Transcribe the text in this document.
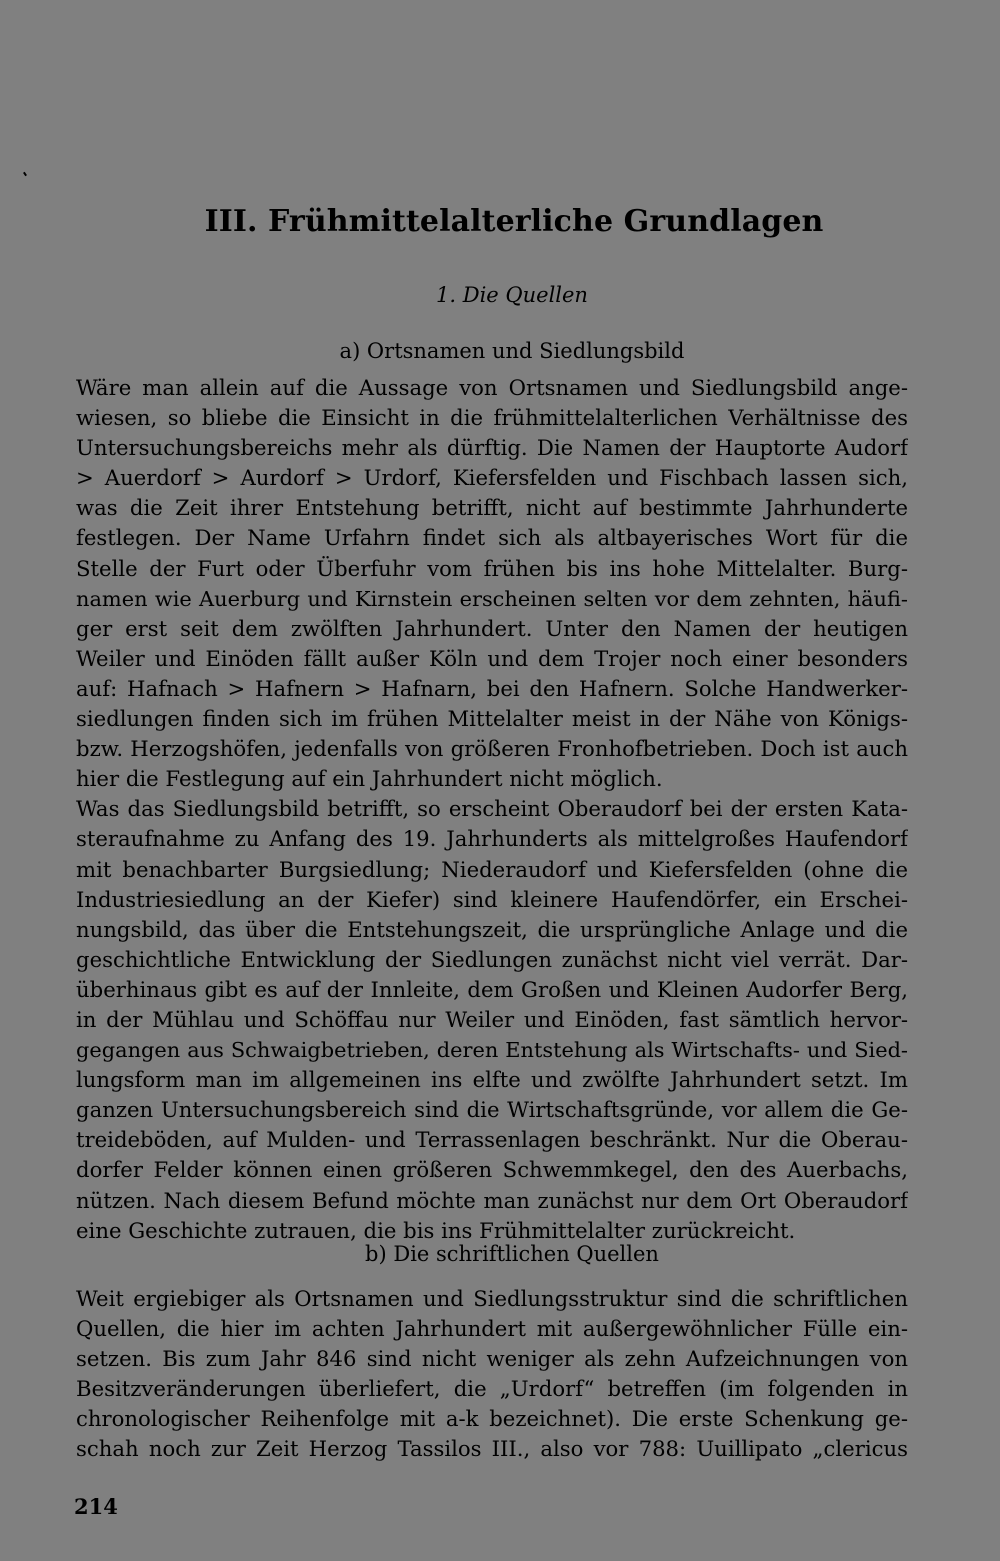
III. Frühmittelalterliche Grundlagen
1. Die Quellen
a) Ortsnamen und Siedlungsbild
Wäre man allein auf die Aussage von Ortsnamen und Siedlungsbild ange-
wiesen, so bliebe die Einsicht in die frühmittelalterlichen Verhältnisse des
Untersuchungsbereichs mehr als dürftig. Die Namen der Hauptorte Audorf
> Auerdorf > Aurdorf > Urdorf, Kiefersfelden und Fischbach lassen sich,
was die Zeit ihrer Entstehung betrifft, nicht auf bestimmte Jahrhunderte
festlegen. Der Name Urfahrn findet sich als altbayerisches Wort für die
Stelle der Furt oder Überfuhr vom frühen bis ins hohe Mittelalter. Burg-
namen wie Auerburg und Kirnstein erscheinen selten vor dem zehnten, häufi-
ger erst seit dem zwölften Jahrhundert. Unter den Namen der heutigen
Weiler und Einöden fällt außer Köln und dem Trojer noch einer besonders
auf: Hafnach > Hafnern > Hafnarn, bei den Hafnern. Solche Handwerker-
siedlungen finden sich im frühen Mittelalter meist in der Nähe von Königs-
bzw. Herzogshöfen, jedenfalls von größeren Fronhofbetrieben. Doch ist auch
hier die Festlegung auf ein Jahrhundert nicht möglich.
Was das Siedlungsbild betrifft, so erscheint Oberaudorf bei der ersten Kata-
steraufnahme zu Anfang des 19. Jahrhunderts als mittelgroßes Haufendorf
mit benachbarter Burgsiedlung; Niederaudorf und Kiefersfelden (ohne die
Industriesiedlung an der Kiefer) sind kleinere Haufendörfer, ein Erschei-
nungsbild, das über die Entstehungszeit, die ursprüngliche Anlage und die
geschichtliche Entwicklung der Siedlungen zunächst nicht viel verrät. Dar-
überhinaus gibt es auf der Innleite, dem Großen und Kleinen Audorfer Berg,
in der Mühlau und Schöffau nur Weiler und Einöden, fast sämtlich hervor-
gegangen aus Schwaigbetrieben, deren Entstehung als Wirtschafts- und Sied-
lungsform man im allgemeinen ins elfte und zwölfte Jahrhundert setzt. Im
ganzen Untersuchungsbereich sind die Wirtschaftsgründe, vor allem die Ge-
treideböden, auf Mulden- und Terrassenlagen beschränkt. Nur die Oberau-
dorfer Felder können einen größeren Schwemmkegel, den des Auerbachs,
nützen. Nach diesem Befund möchte man zunächst nur dem Ort Oberaudorf
eine Geschichte zutrauen, die bis ins Frühmittelalter zurückreicht.
b) Die schriftlichen Quellen
Weit ergiebiger als Ortsnamen und Siedlungsstruktur sind die schriftlichen
Quellen, die hier im achten Jahrhundert mit außergewöhnlicher Fülle ein-
setzen. Bis zum Jahr 846 sind nicht weniger als zehn Aufzeichnungen von
Besitzveränderungen überliefert, die „Urdorf“ betreffen (im folgenden in
chronologischer Reihenfolge mit a-k bezeichnet). Die erste Schenkung ge-
schah noch zur Zeit Herzog Tassilos III., also vor 788: Uuillipato „clericus
214
